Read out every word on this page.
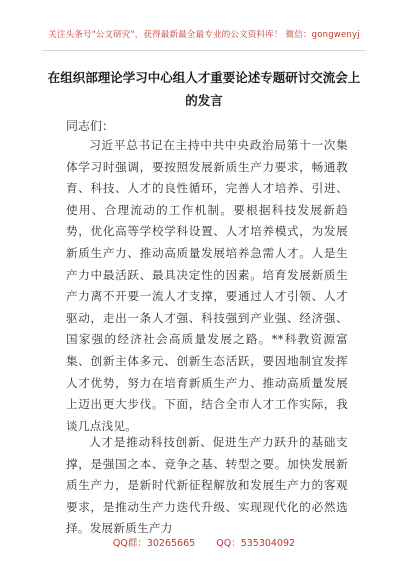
关注头条号"公文研究"，获得最新最全最专业的公文资料库！ 微信：gongwenyj
在组织部理论学习中心组人才重要论述专题研讨交流会上的发言
同志们：
习近平总书记在主持中共中央政治局第十一次集体学习时强调，要按照发展新质生产力要求，畅通教育、科技、人才的良性循环，完善人才培养、引进、使用、合理流动的工作机制。要根据科技发展新趋势，优化高等学校学科设置、人才培养模式，为发展新质生产力、推动高质量发展培养急需人才。人是生产力中最活跃、最具决定性的因素。培育发展新质生产力离不开要一流人才支撑，要通过人才引领、人才驱动，走出一条人才强、科技强到产业强、经济强、国家强的经济社会高质量发展之路。**科教资源富集、创新主体多元、创新生态活跃，要因地制宜发挥人才优势，努力在培育新质生产力、推动高质量发展上迈出更大步伐。下面，结合全市人才工作实际，我谈几点浅见。
人才是推动科技创新、促进生产力跃升的基础支撑，是强国之本、竞争之基、转型之要。加快发展新质生产力，是新时代新征程解放和发展生产力的客观要求，是推动生产力迭代升级、实现现代化的必然选择。发展新质生产力
QQ群：30265665 QQ：535304092
